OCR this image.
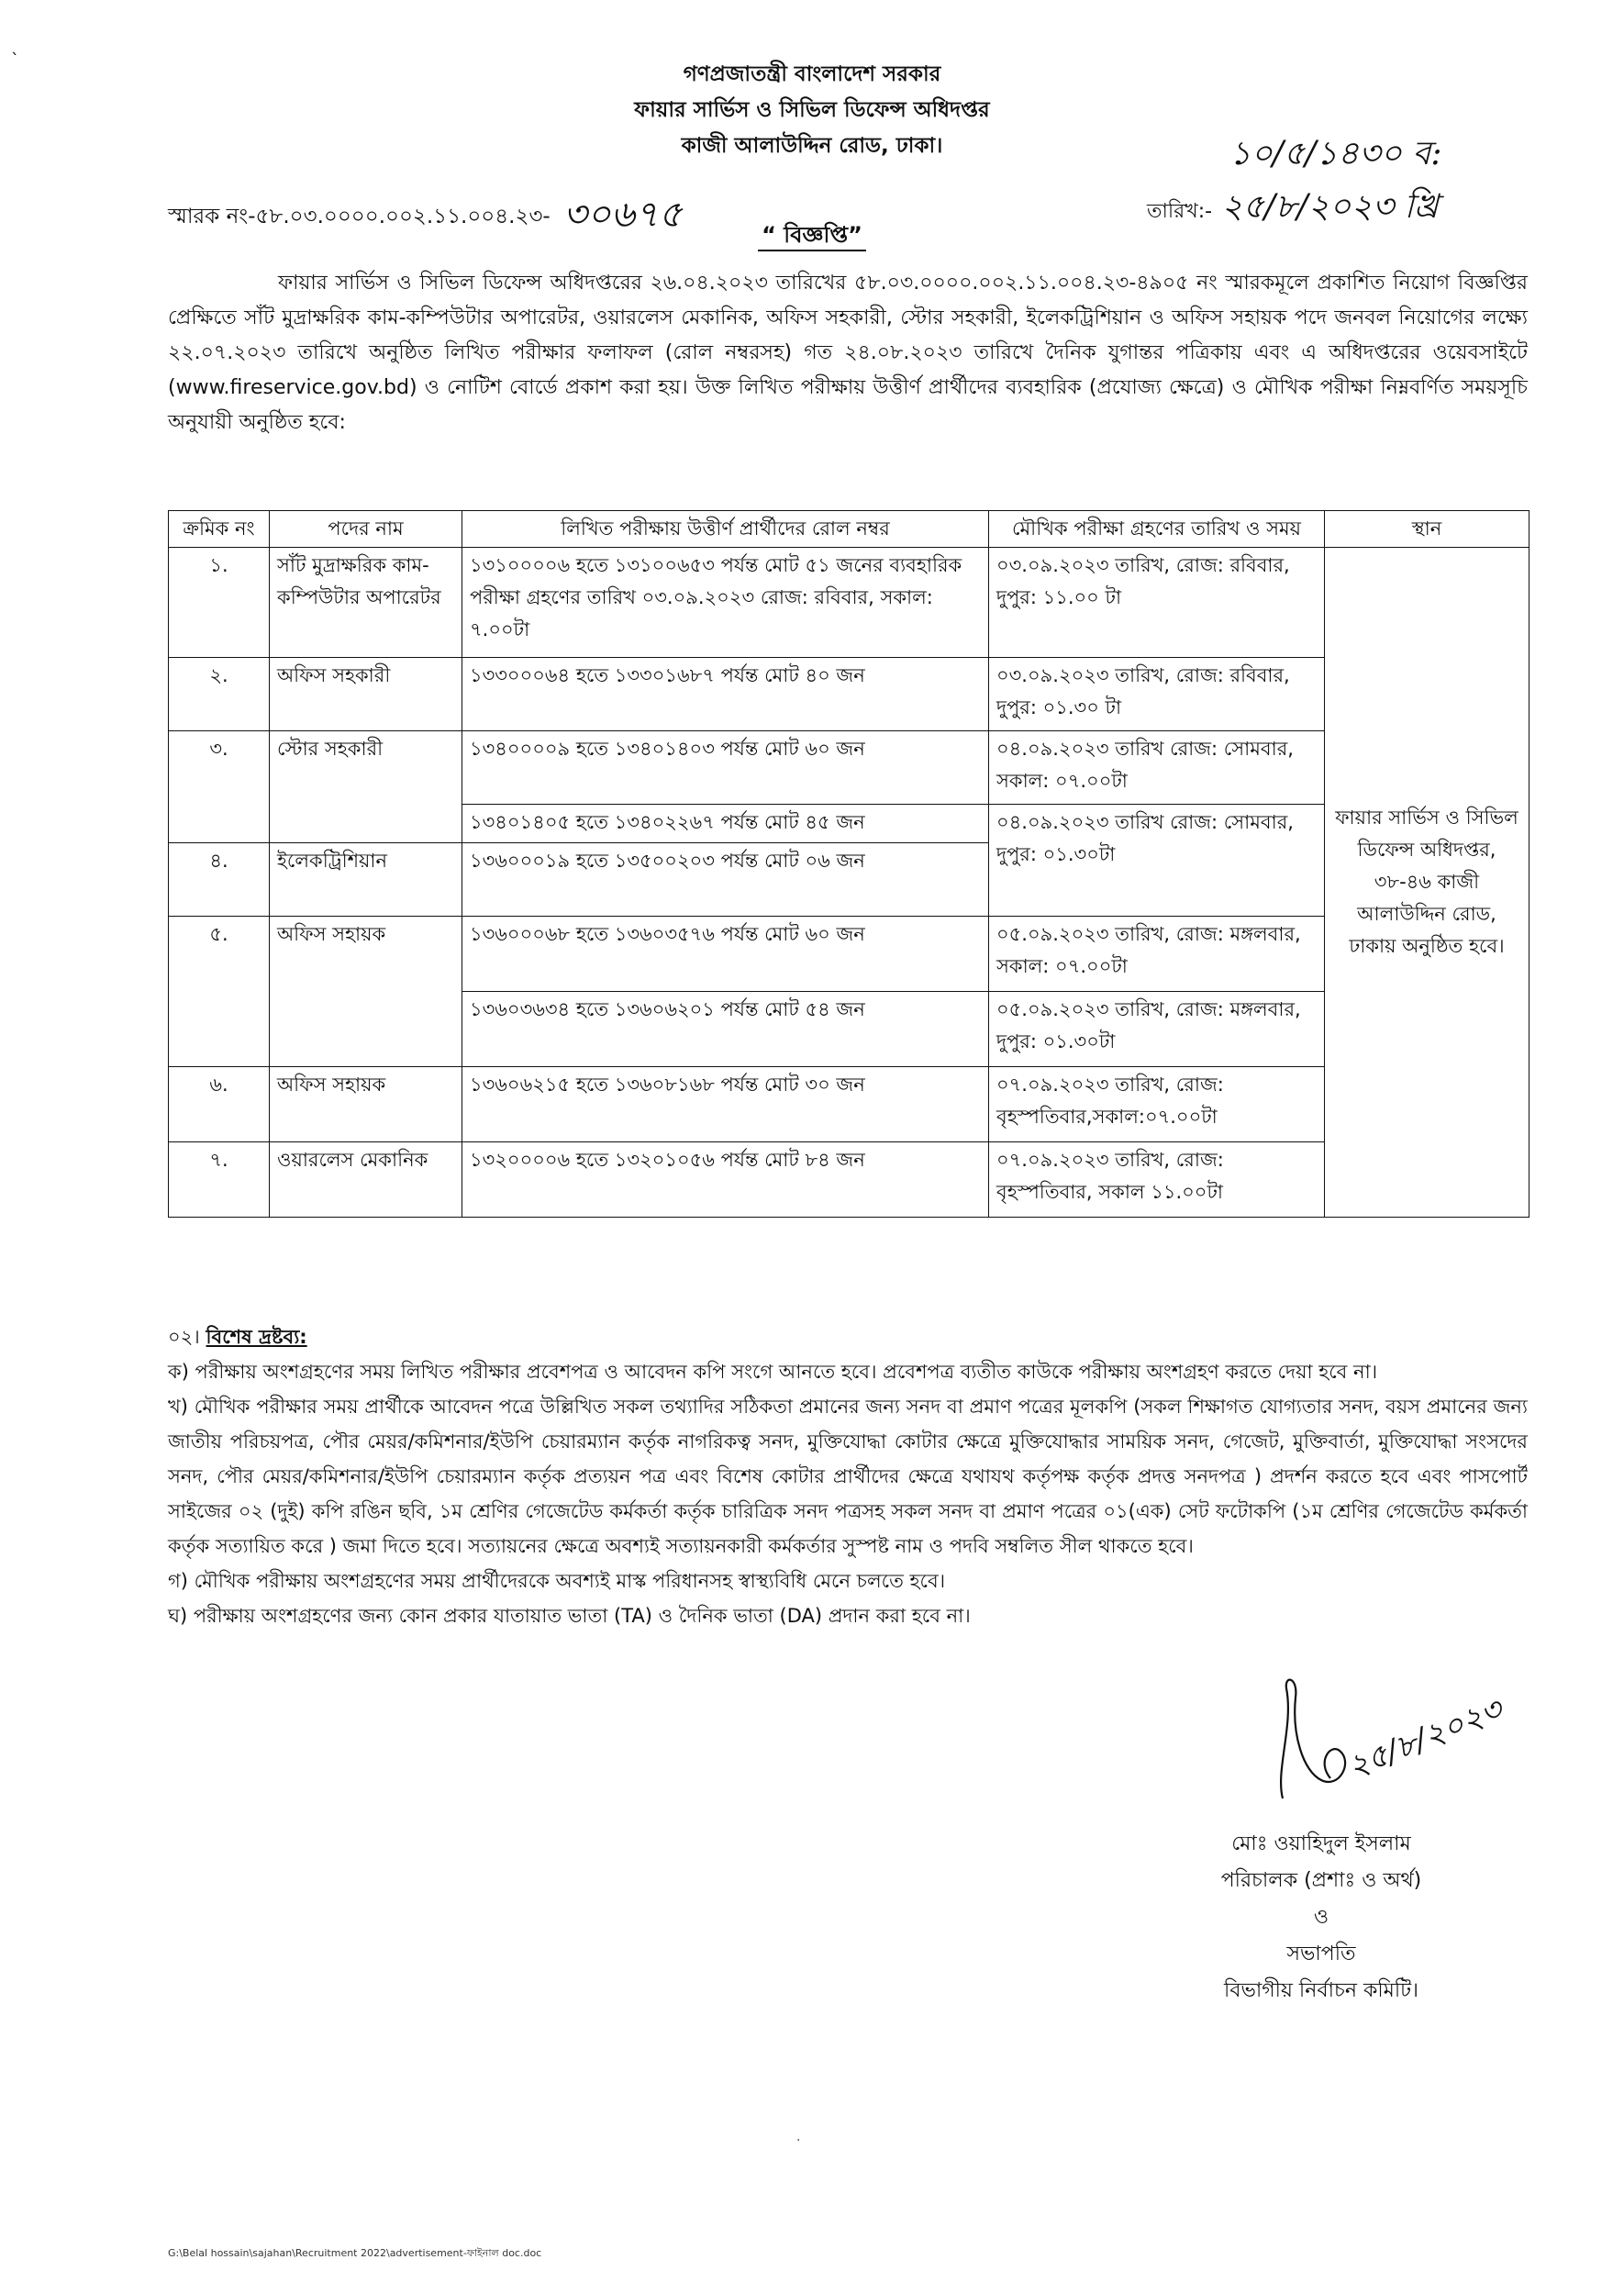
`
গণপ্রজাতন্ত্রী বাংলাদেশ সরকার
ফায়ার সার্ভিস ও সিভিল ডিফেন্স অধিদপ্তর
কাজী আলাউদ্দিন রোড, ঢাকা।	১০/৫/১৪৩০ ব:
স্মারক নং-৫৮.০৩.০০০০.০০২.১১.০০৪.২৩- ৩০৬৭৫	তারিখ:- ২৫/৮/২০২৩ খ্রি
“ বিজ্ঞপ্তি”

ফায়ার সার্ভিস ও সিভিল ডিফেন্স অধিদপ্তরের ২৬.০৪.২০২৩ তারিখের ৫৮.০৩.০০০০.০০২.১১.০০৪.২৩-৪৯০৫ নং স্মারকমূলে প্রকাশিত নিয়োগ বিজ্ঞপ্তির প্রেক্ষিতে সাঁট মুদ্রাক্ষরিক কাম-কম্পিউটার অপারেটর, ওয়ারলেস মেকানিক, অফিস সহকারী, স্টোর সহকারী, ইলেকট্রিশিয়ান ও অফিস সহায়ক পদে জনবল নিয়োগের লক্ষ্যে ২২.০৭.২০২৩ তারিখে অনুষ্ঠিত লিখিত পরীক্ষার ফলাফল (রোল নম্বরসহ) গত ২৪.০৮.২০২৩ তারিখে দৈনিক যুগান্তর পত্রিকায় এবং এ অধিদপ্তরের ওয়েবসাইটে (www.fireservice.gov.bd) ও নোটিশ বোর্ডে প্রকাশ করা হয়। উক্ত লিখিত পরীক্ষায় উত্তীর্ণ প্রার্থীদের ব্যবহারিক (প্রযোজ্য ক্ষেত্রে) ও মৌখিক পরীক্ষা নিম্নবর্ণিত সময়সূচি অনুযায়ী অনুষ্ঠিত হবে:

ক্রমিক নং	পদের নাম	লিখিত পরীক্ষায় উত্তীর্ণ প্রার্থীদের রোল নম্বর	মৌখিক পরীক্ষা গ্রহণের তারিখ ও সময়	স্থান
১.	সাঁট মুদ্রাক্ষরিক কাম-কম্পিউটার অপারেটর	১৩১০০০০৬ হতে ১৩১০০৬৫৩ পর্যন্ত মোট ৫১ জনের ব্যবহারিক পরীক্ষা গ্রহণের তারিখ ০৩.০৯.২০২৩ রোজ: রবিবার, সকাল: ৭.০০টা	০৩.০৯.২০২৩ তারিখ, রোজ: রবিবার, দুপুর: ১১.০০ টা	ফায়ার সার্ভিস ও সিভিল ডিফেন্স অধিদপ্তর, ৩৮-৪৬ কাজী আলাউদ্দিন রোড, ঢাকায় অনুষ্ঠিত হবে।
২.	অফিস সহকারী	১৩৩০০০৬৪ হতে ১৩৩০১৬৮৭ পর্যন্ত মোট ৪০ জন	০৩.০৯.২০২৩ তারিখ, রোজ: রবিবার, দুপুর: ০১.৩০ টা	
৩.	স্টোর সহকারী	১৩৪০০০০৯ হতে ১৩৪০১৪০৩ পর্যন্ত মোট ৬০ জন	০৪.০৯.২০২৩ তারিখ রোজ: সোমবার, সকাল: ০৭.০০টা	
		১৩৪০১৪০৫ হতে ১৩৪০২২৬৭ পর্যন্ত মোট ৪৫ জন	০৪.০৯.২০২৩ তারিখ রোজ: সোমবার, দুপুর: ০১.৩০টা	
৪.	ইলেকট্রিশিয়ান	১৩৬০০০১৯ হতে ১৩৫০০২০৩ পর্যন্ত মোট ০৬ জন		
৫.	অফিস সহায়ক	১৩৬০০০৬৮ হতে ১৩৬০৩৫৭৬ পর্যন্ত মোট ৬০ জন	০৫.০৯.২০২৩ তারিখ, রোজ: মঙ্গলবার, সকাল: ০৭.০০টা	
		১৩৬০৩৬৩৪ হতে ১৩৬০৬২০১ পর্যন্ত মোট ৫৪ জন	০৫.০৯.২০২৩ তারিখ, রোজ: মঙ্গলবার, দুপুর: ০১.৩০টা	
৬.	অফিস সহায়ক	১৩৬০৬২১৫ হতে ১৩৬০৮১৬৮ পর্যন্ত মোট ৩০ জন	০৭.০৯.২০২৩ তারিখ, রোজ: বৃহস্পতিবার,সকাল:০৭.০০টা	
৭.	ওয়ারলেস মেকানিক	১৩২০০০০৬ হতে ১৩২০১০৫৬ পর্যন্ত মোট ৮৪ জন	০৭.০৯.২০২৩ তারিখ, রোজ: বৃহস্পতিবার, সকাল ১১.০০টা	

০২। বিশেষ দ্রষ্টব্য:

ক) পরীক্ষায় অংশগ্রহণের সময় লিখিত পরীক্ষার প্রবেশপত্র ও আবেদন কপি সংগে আনতে হবে। প্রবেশপত্র ব্যতীত কাউকে পরীক্ষায় অংশগ্রহণ করতে দেয়া হবে না।

খ) মৌখিক পরীক্ষার সময় প্রার্থীকে আবেদন পত্রে উল্লিখিত সকল তথ্যাদির সঠিকতা প্রমানের জন্য সনদ বা প্রমাণ পত্রের মূলকপি (সকল শিক্ষাগত যোগ্যতার সনদ, বয়স প্রমানের জন্য জাতীয় পরিচয়পত্র, পৌর মেয়র/কমিশনার/ইউপি চেয়ারম্যান কর্তৃক নাগরিকত্ব সনদ, মুক্তিযোদ্ধা কোটার ক্ষেত্রে মুক্তিযোদ্ধার সাময়িক সনদ, গেজেট, মুক্তিবার্তা, মুক্তিযোদ্ধা সংসদের সনদ, পৌর মেয়র/কমিশনার/ইউপি চেয়ারম্যান কর্তৃক প্রত্যয়ন পত্র এবং বিশেষ কোটার প্রার্থীদের ক্ষেত্রে যথাযথ কর্তৃপক্ষ কর্তৃক প্রদত্ত সনদপত্র ) প্রদর্শন করতে হবে এবং পাসপোর্ট সাইজের ০২ (দুই) কপি রঙিন ছবি, ১ম শ্রেণির গেজেটেড কর্মকর্তা কর্তৃক চারিত্রিক সনদ পত্রসহ সকল সনদ বা প্রমাণ পত্রের ০১(এক) সেট ফটোকপি (১ম শ্রেণির গেজেটেড কর্মকর্তা কর্তৃক সত্যায়িত করে ) জমা দিতে হবে। সত্যায়নের ক্ষেত্রে অবশ্যই সত্যায়নকারী কর্মকর্তার সুস্পষ্ট নাম ও পদবি সম্বলিত সীল থাকতে হবে।

গ) মৌখিক পরীক্ষায় অংশগ্রহণের সময় প্রার্থীদেরকে অবশ্যই মাস্ক পরিধানসহ স্বাস্থ্যবিধি মেনে চলতে হবে।

ঘ) পরীক্ষায় অংশগ্রহণের জন্য কোন প্রকার যাতায়াত ভাতা (TA) ও দৈনিক ভাতা (DA) প্রদান করা হবে না।

২৫/৮/২০২৩
মোঃ ওয়াহিদুল ইসলাম
পরিচালক (প্রশাঃ ও অর্থ)
ও
সভাপতি
বিভাগীয় নির্বাচন কমিটি।
·
G:\Belal hossain\sajahan\Recruitment 2022\advertisement-ফাইনাল doc.doc
